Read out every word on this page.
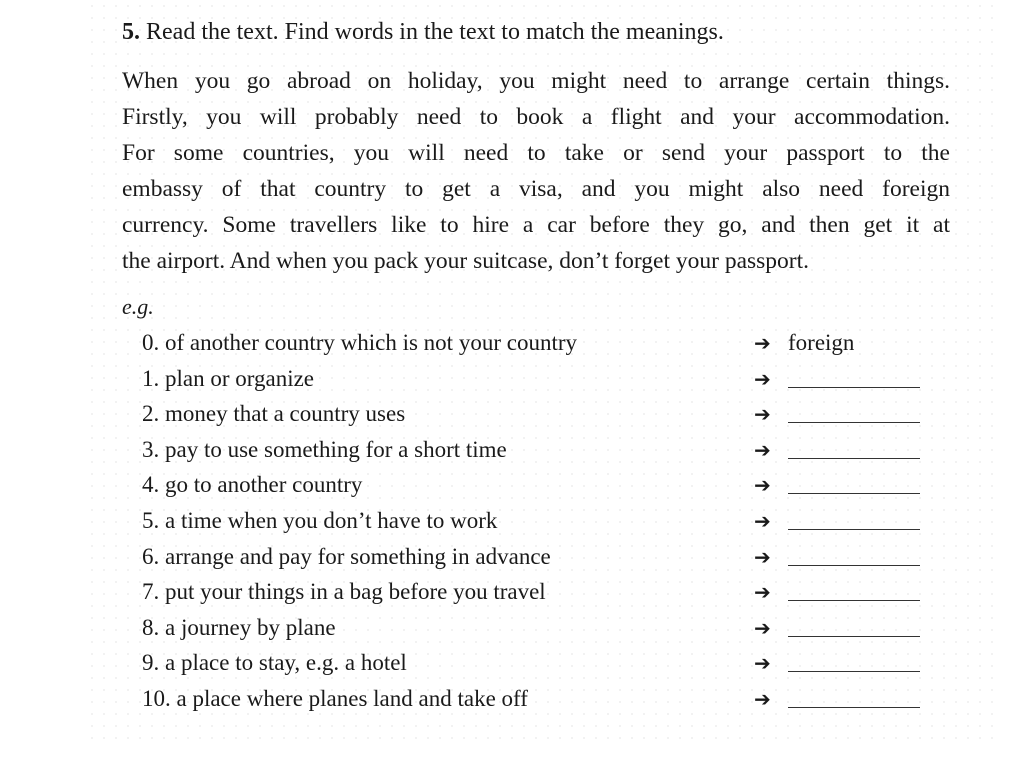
5. Read the text. Find words in the text to match the meanings.
When you go abroad on holiday, you might need to arrange certain things.
Firstly, you will probably need to book a flight and your accommodation.
For some countries, you will need to take or send your passport to the
embassy of that country to get a visa, and you might also need foreign
currency. Some travellers like to hire a car before they go, and then get it at
the airport. And when you pack your suitcase, don’t forget your passport.
e.g.
0. of another country which is not your country	➔ foreign
1. plan or organize	➔
2. money that a country uses	➔
3. pay to use something for a short time	➔
4. go to another country	➔
5. a time when you don’t have to work	➔
6. arrange and pay for something in advance	➔
7. put your things in a bag before you travel	➔
8. a journey by plane	➔
9. a place to stay, e.g. a hotel	➔
10. a place where planes land and take off	➔
